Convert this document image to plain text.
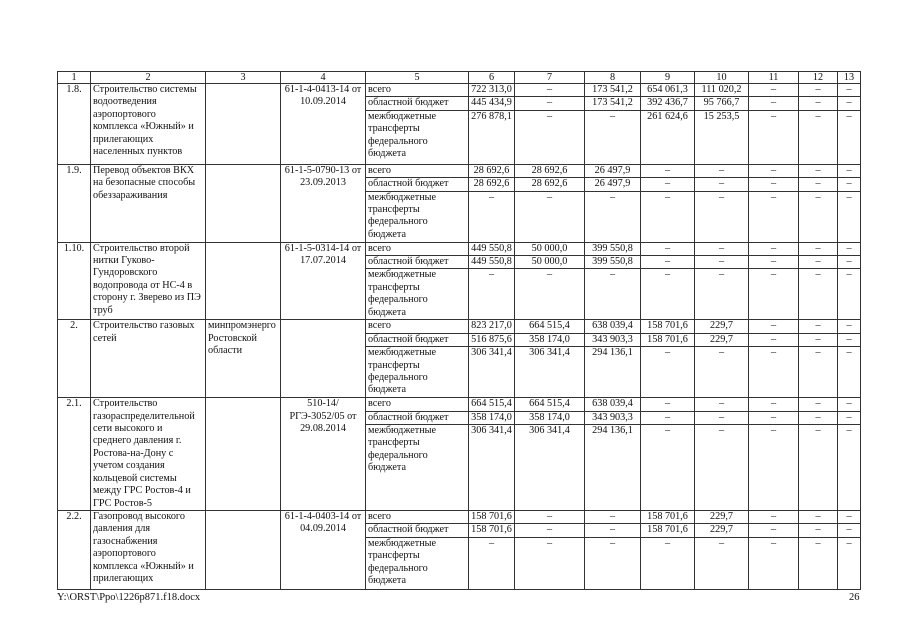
1	2	3	4	5	6	7	8	9	10	11	12	13
1.8.	Строительство системы водоотведения аэропортового комплекса «Южный» и прилегающих населенных пунктов		61-1-4-0413-14 от 10.09.2014	всего	722 313,0	–	173 541,2	654 061,3	111 020,2	–	–	–
				областной бюджет	445 434,9	–	173 541,2	392 436,7	95 766,7	–	–	–
				межбюджетные трансферты федерального бюджета	276 878,1	–	–	261 624,6	15 253,5	–	–	–
1.9.	Перевод объектов ВКХ на безопасные способы обеззараживания		61-1-5-0790-13 от 23.09.2013	всего	28 692,6	28 692,6	26 497,9	–	–	–	–	–
				областной бюджет	28 692,6	28 692,6	26 497,9	–	–	–	–	–
				межбюджетные трансферты федерального бюджета	–	–	–	–	–	–	–	–
1.10.	Строительство второй нитки Гуково-Гундоровского водопровода от НС-4 в сторону г. Зверево из ПЭ труб		61-1-5-0314-14 от 17.07.2014	всего	449 550,8	50 000,0	399 550,8	–	–	–	–	–
				областной бюджет	449 550,8	50 000,0	399 550,8	–	–	–	–	–
				межбюджетные трансферты федерального бюджета	–	–	–	–	–	–	–	–
2.	Строительство газовых сетей	минпромэнерго Ростовской области		всего	823 217,0	664 515,4	638 039,4	158 701,6	229,7	–	–	–
				областной бюджет	516 875,6	358 174,0	343 903,3	158 701,6	229,7	–	–	–
				межбюджетные трансферты федерального бюджета	306 341,4	306 341,4	294 136,1	–	–	–	–	–
2.1.	Строительство газораспределительной сети высокого и среднего давления г. Ростова-на-Дону с учетом создания кольцевой системы между ГРС Ростов-4 и ГРС Ростов-5		510-14/РГЭ-3052/05 от 29.08.2014	всего	664 515,4	664 515,4	638 039,4	–	–	–	–	–
				областной бюджет	358 174,0	358 174,0	343 903,3	–	–	–	–	–
				межбюджетные трансферты федерального бюджета	306 341,4	306 341,4	294 136,1	–	–	–	–	–
2.2.	Газопровод высокого давления для газоснабжения аэропортового комплекса «Южный» и прилегающих		61-1-4-0403-14 от 04.09.2014	всего	158 701,6	–	–	158 701,6	229,7	–	–	–
				областной бюджет	158 701,6	–	–	158 701,6	229,7	–	–	–
				межбюджетные трансферты федерального бюджета	–	–	–	–	–	–	–	–
Y:\ORST\Ppo\1226p871.f18.docx	26
